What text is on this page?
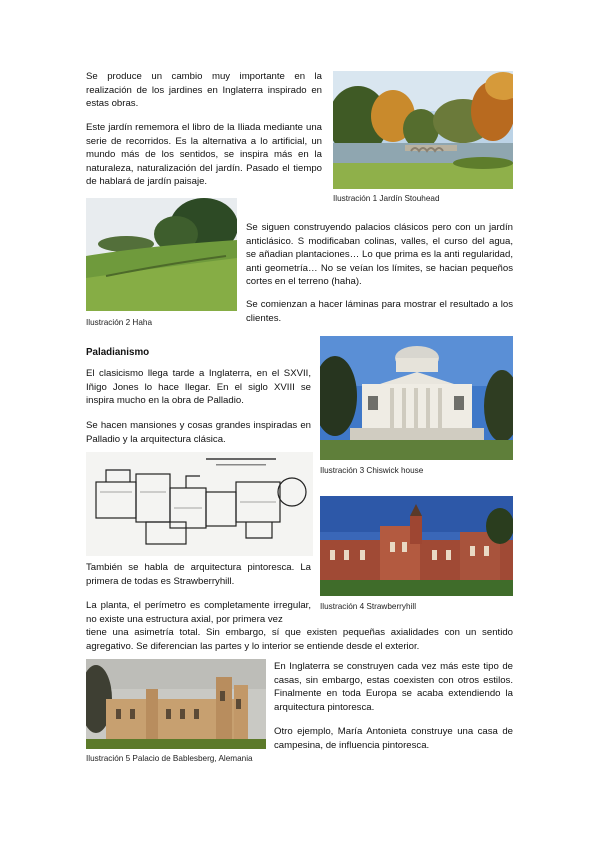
Se produce un cambio muy importante en la realización de los jardines en Inglaterra inspirado en estas obras.

Este jardín rememora el libro de la Iliada mediante una serie de recorridos. Es la alternativa a lo artificial, un mundo más de los sentidos, se inspira más en la naturaleza, naturalización del jardín. Pasado el tiempo de hablará de jardín paisaje.

Ilustración 1 Jardín Stouhead

Ilustración 2 Haha

Se siguen construyendo palacios clásicos pero con un jardín anticlásico. S modificaban colinas, valles, el curso del agua, se añadian plantaciones… Lo que prima es la anti regularidad, anti geometría… No se veían los límites, se hacian pequeños cortes en el terreno (haha).

Se comienzan a hacer láminas para mostrar el resultado a los clientes.

Paladianismo

El clasicismo llega tarde a Inglaterra, en el SXVII, Iñigo Jones lo hace llegar. En el siglo XVIII se inspira mucho en la obra de Palladio.

Se hacen mansiones y cosas grandes inspiradas en Palladio y la arquitectura clásica.

Ilustración 3 Chiswick house

También se habla de arquitectura pintoresca. La primera de todas es Strawberryhill.

La planta, el perímetro es completamente irregular, no existe una estructura axial, por primera vez

tiene una asimetría total. Sin embargo, sí que existen pequeñas axialidades con un sentido agregativo. Se diferencian las partes y lo interior se entiende desde el exterior.

Ilustración 4 Strawberryhill

Ilustración 5 Palacio de Bablesberg, Alemania

En Inglaterra se construyen cada vez más este tipo de casas, sin embargo, estas coexisten con otros estilos. Finalmente en toda Europa se acaba extendiendo la arquitectura pintoresca.

Otro ejemplo, María Antonieta construye una casa de campesina, de influencia pintoresca.
